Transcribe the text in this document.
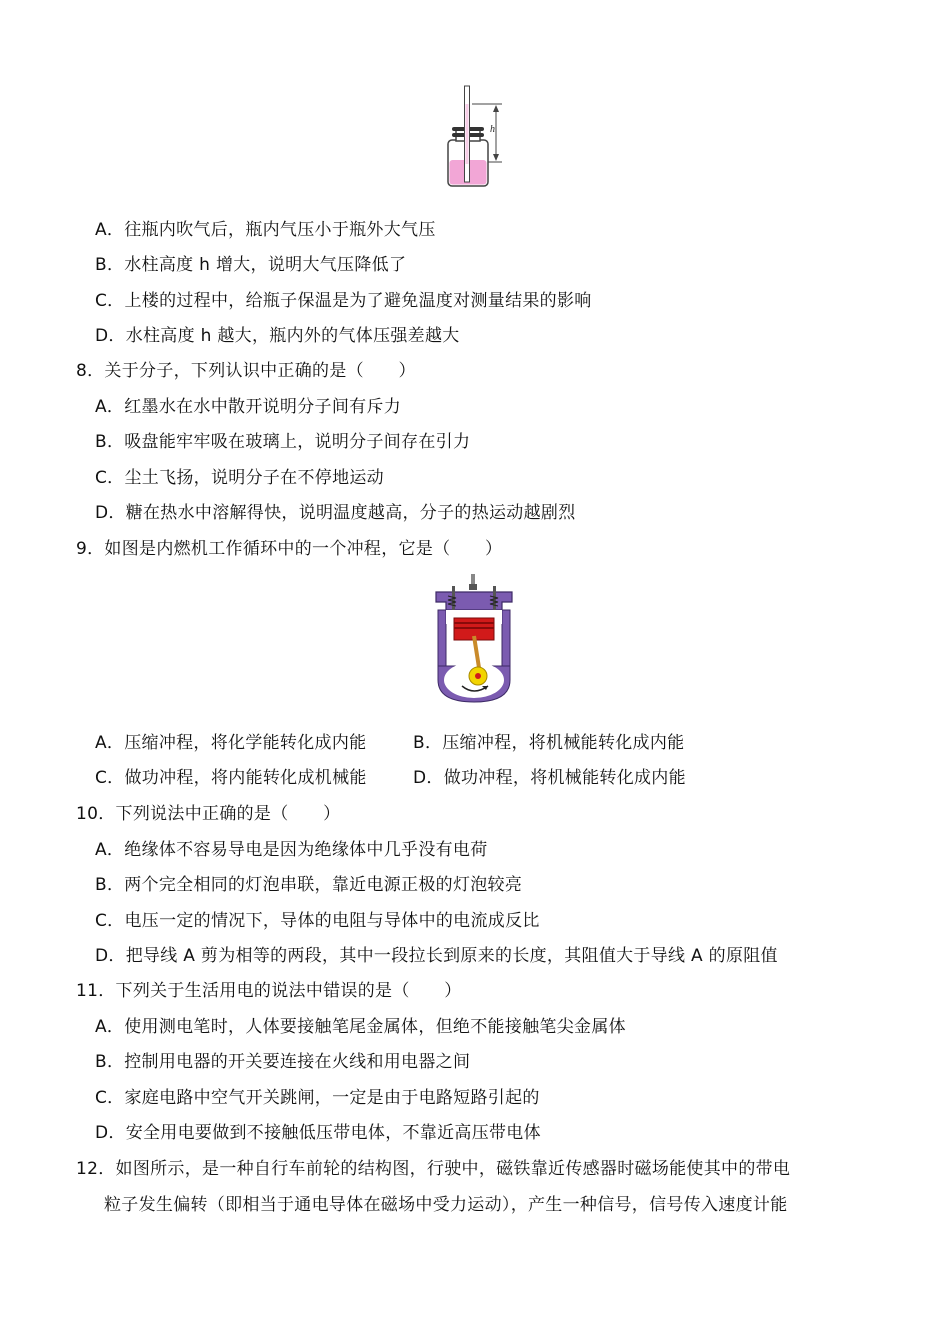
h
A．往瓶内吹气后，瓶内气压小于瓶外大气压
B．水柱高度 h 增大，说明大气压降低了
C．上楼的过程中，给瓶子保温是为了避免温度对测量结果的影响
D．水柱高度 h 越大，瓶内外的气体压强差越大
8．关于分子，下列认识中正确的是（　　）
A．红墨水在水中散开说明分子间有斥力
B．吸盘能牢牢吸在玻璃上，说明分子间存在引力
C．尘土飞扬，说明分子在不停地运动
D．糖在热水中溶解得快，说明温度越高，分子的热运动越剧烈
9．如图是内燃机工作循环中的一个冲程，它是（　　）
A．压缩冲程，将化学能转化成内能	B．压缩冲程，将机械能转化成内能
C．做功冲程，将内能转化成机械能	D．做功冲程，将机械能转化成内能
10．下列说法中正确的是（　　）
A．绝缘体不容易导电是因为绝缘体中几乎没有电荷
B．两个完全相同的灯泡串联，靠近电源正极的灯泡较亮
C．电压一定的情况下，导体的电阻与导体中的电流成反比
D．把导线 A 剪为相等的两段，其中一段拉长到原来的长度，其阻值大于导线 A 的原阻值
11．下列关于生活用电的说法中错误的是（　　）
A．使用测电笔时，人体要接触笔尾金属体，但绝不能接触笔尖金属体
B．控制用电器的开关要连接在火线和用电器之间
C．家庭电路中空气开关跳闸，一定是由于电路短路引起的
D．安全用电要做到不接触低压带电体，不靠近高压带电体
12．如图所示，是一种自行车前轮的结构图，行驶中，磁铁靠近传感器时磁场能使其中的带电
粒子发生偏转（即相当于通电导体在磁场中受力运动），产生一种信号，信号传入速度计能
